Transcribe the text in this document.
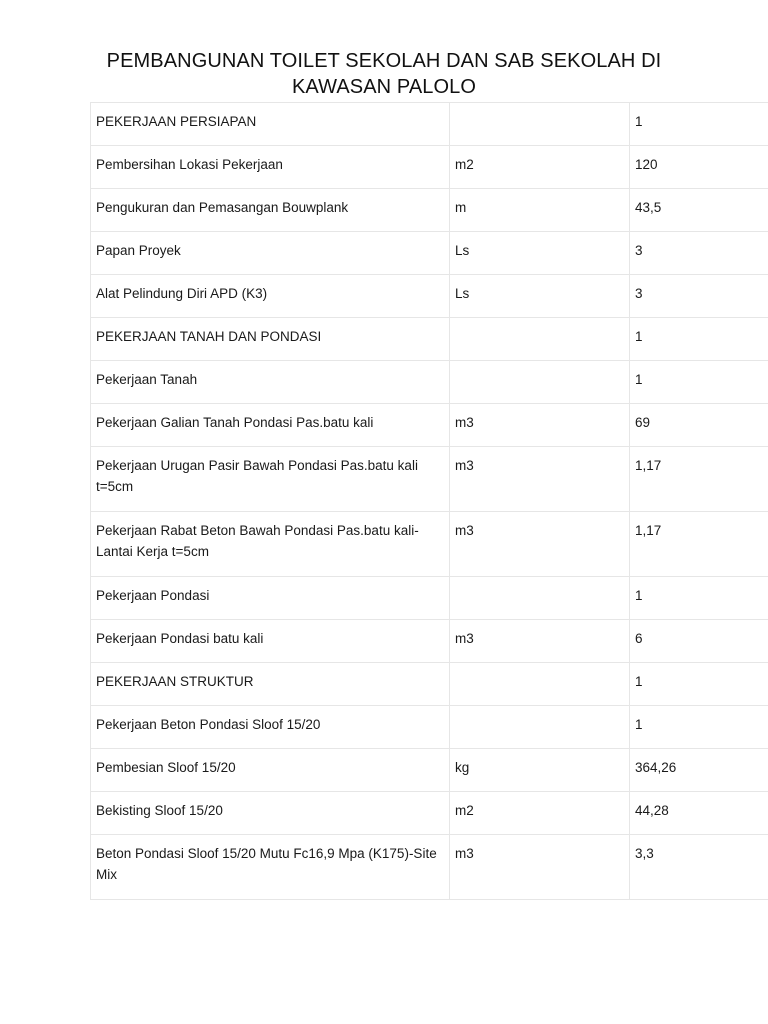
PEMBANGUNAN TOILET SEKOLAH DAN SAB SEKOLAH DI
KAWASAN PALOLO
PEKERJAAN PERSIAPAN		1
Pembersihan Lokasi Pekerjaan	m2	120
Pengukuran dan Pemasangan Bouwplank	m	43,5
Papan Proyek	Ls	3
Alat Pelindung Diri APD (K3)	Ls	3
PEKERJAAN TANAH DAN PONDASI		1
Pekerjaan Tanah		1
Pekerjaan Galian Tanah Pondasi Pas.batu kali	m3	69
Pekerjaan Urugan Pasir Bawah Pondasi Pas.batu kali t=5cm	m3	1,17
Pekerjaan Rabat Beton Bawah Pondasi Pas.batu kali-Lantai Kerja t=5cm	m3	1,17
Pekerjaan Pondasi		1
Pekerjaan Pondasi batu kali	m3	6
PEKERJAAN STRUKTUR		1
Pekerjaan Beton Pondasi Sloof 15/20		1
Pembesian Sloof 15/20	kg	364,26
Bekisting Sloof 15/20	m2	44,28
Beton Pondasi Sloof 15/20 Mutu Fc16,9 Mpa (K175)-Site Mix	m3	3,3
